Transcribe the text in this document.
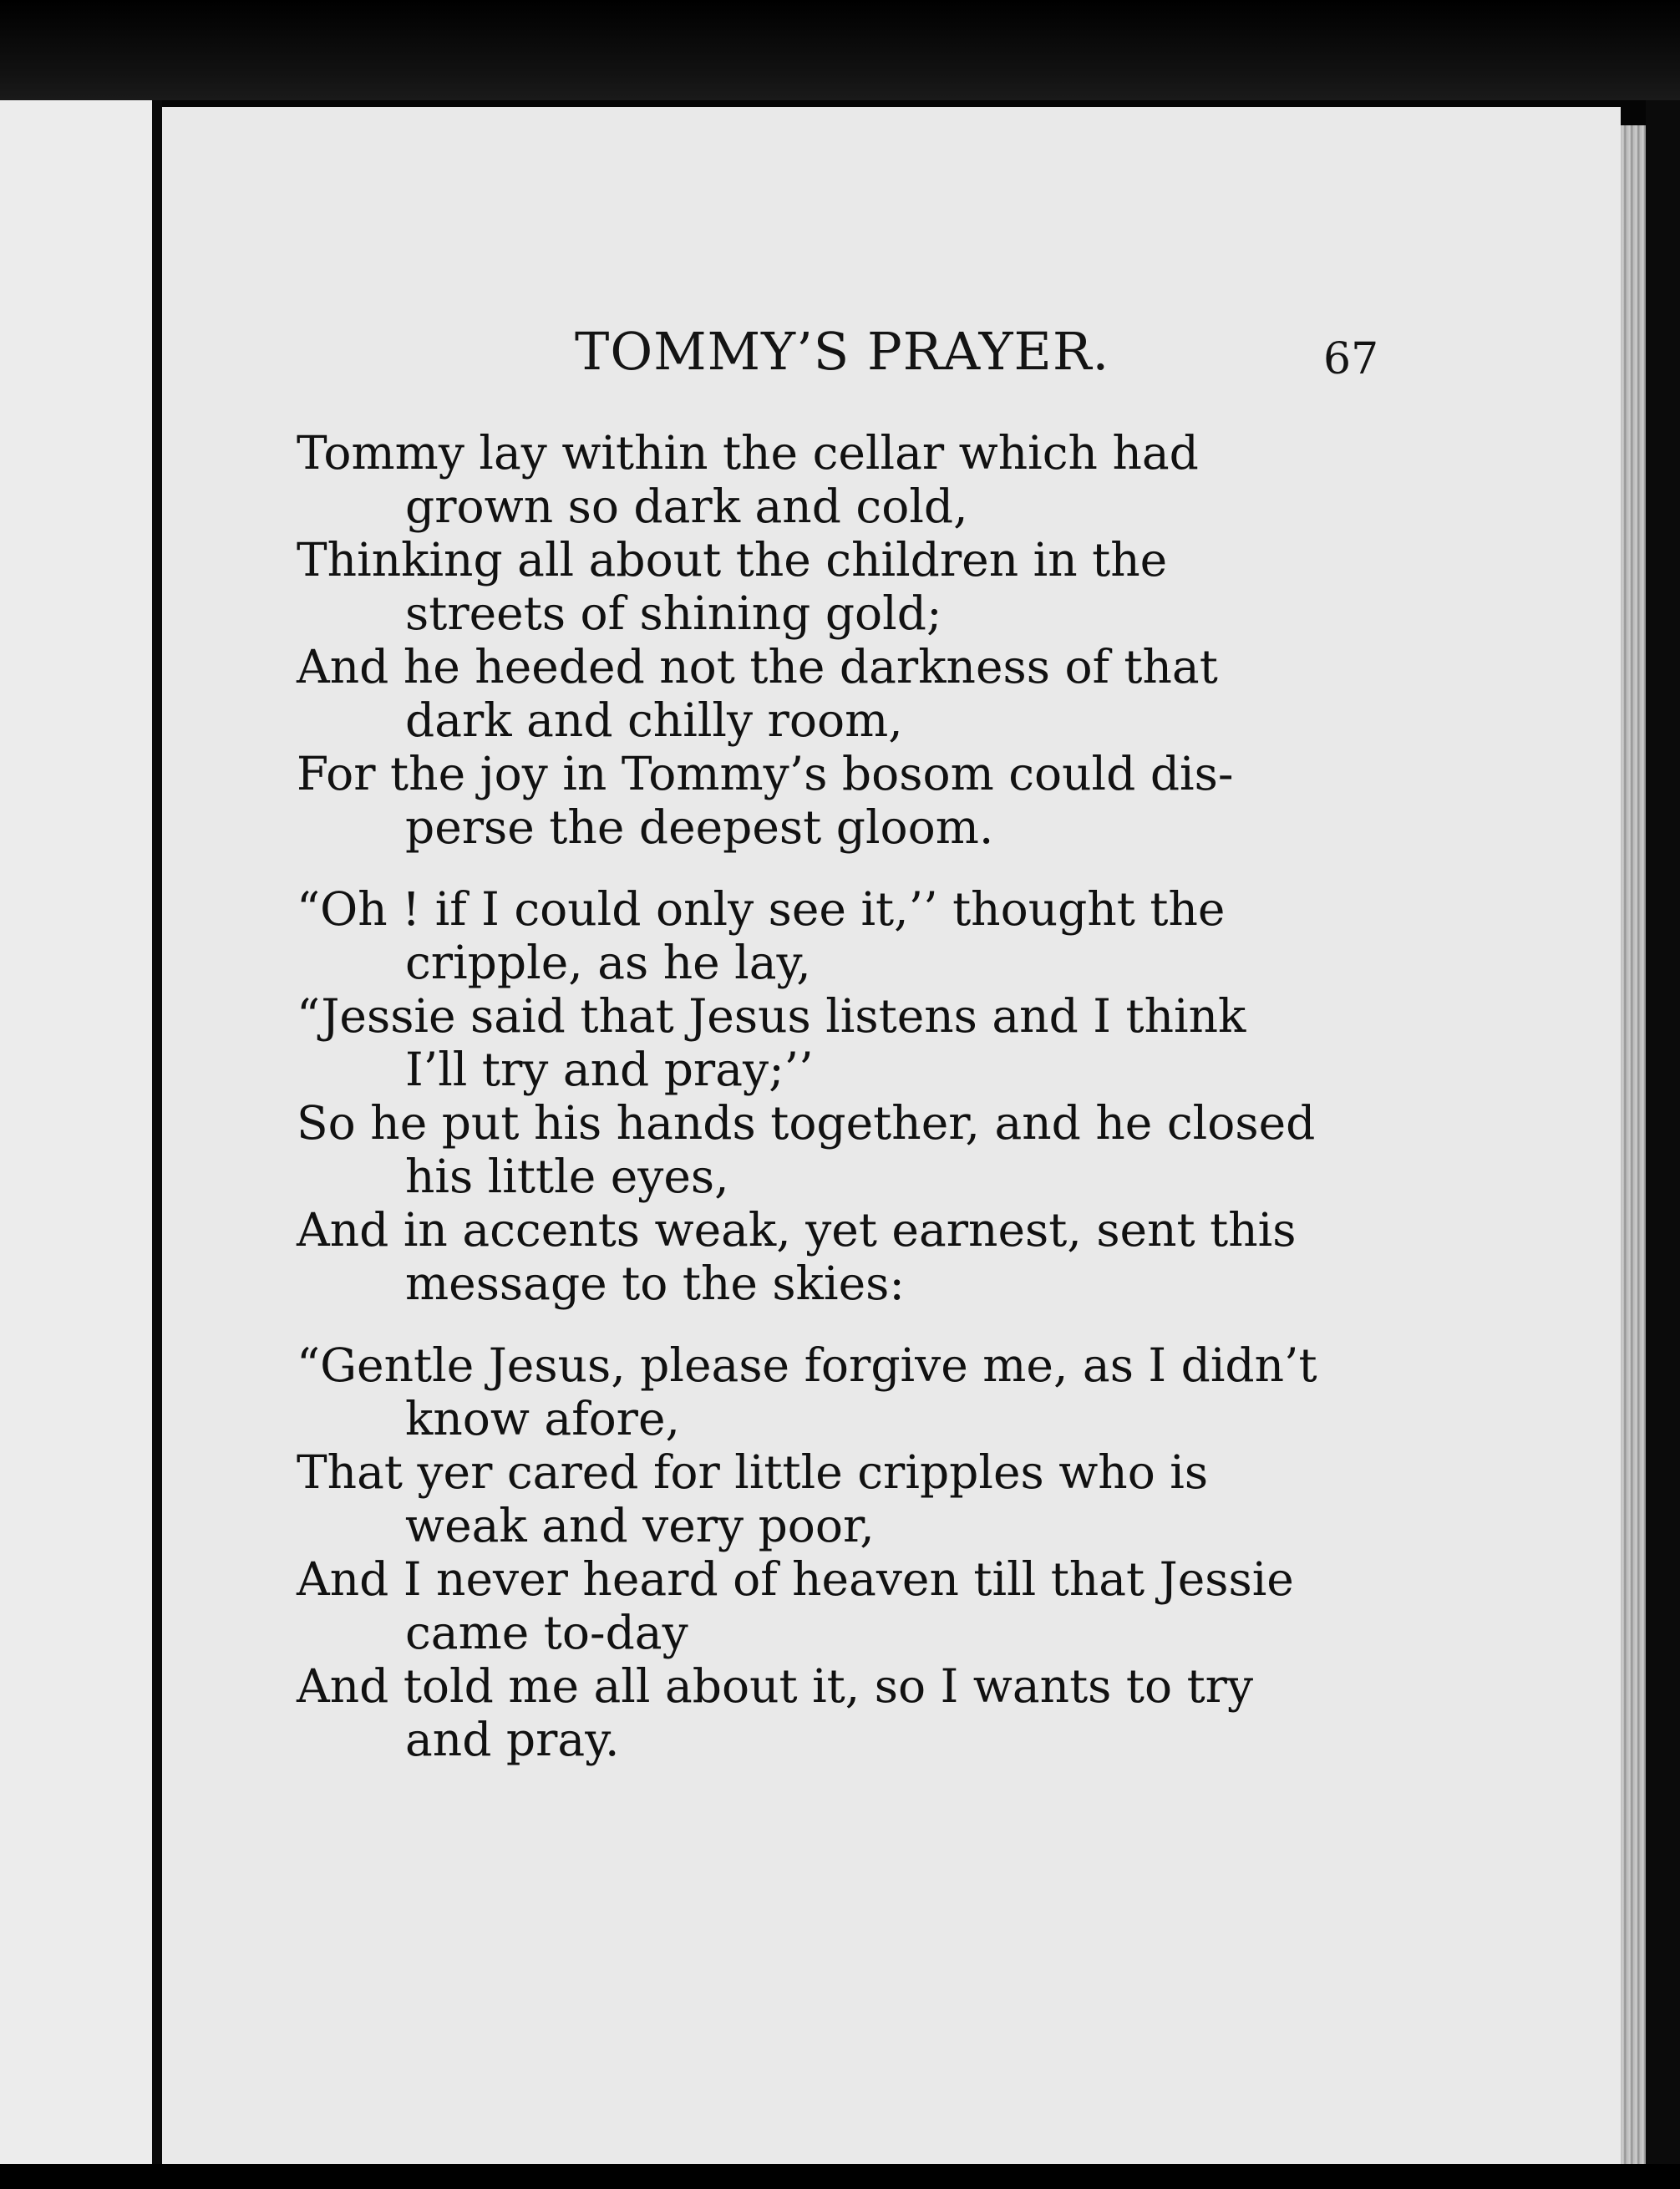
TOMMY’S PRAYER.	67
Tommy lay within the cellar which had
grown so dark and cold,
Thinking all about the children in the
streets of shining gold;
And he heeded not the darkness of that
dark and chilly room,
For the joy in Tommy’s bosom could dis-
perse the deepest gloom.
“Oh ! if I could only see it,’’ thought the
cripple, as he lay,
“Jessie said that Jesus listens and I think
I’ll try and pray;’’
So he put his hands together, and he closed
his little eyes,
And in accents weak, yet earnest, sent this
message to the skies:
“Gentle Jesus, please forgive me, as I didn’t
know afore,
That yer cared for little cripples who is
weak and very poor,
And I never heard of heaven till that Jessie
came to-day
And told me all about it, so I wants to try
and pray.
